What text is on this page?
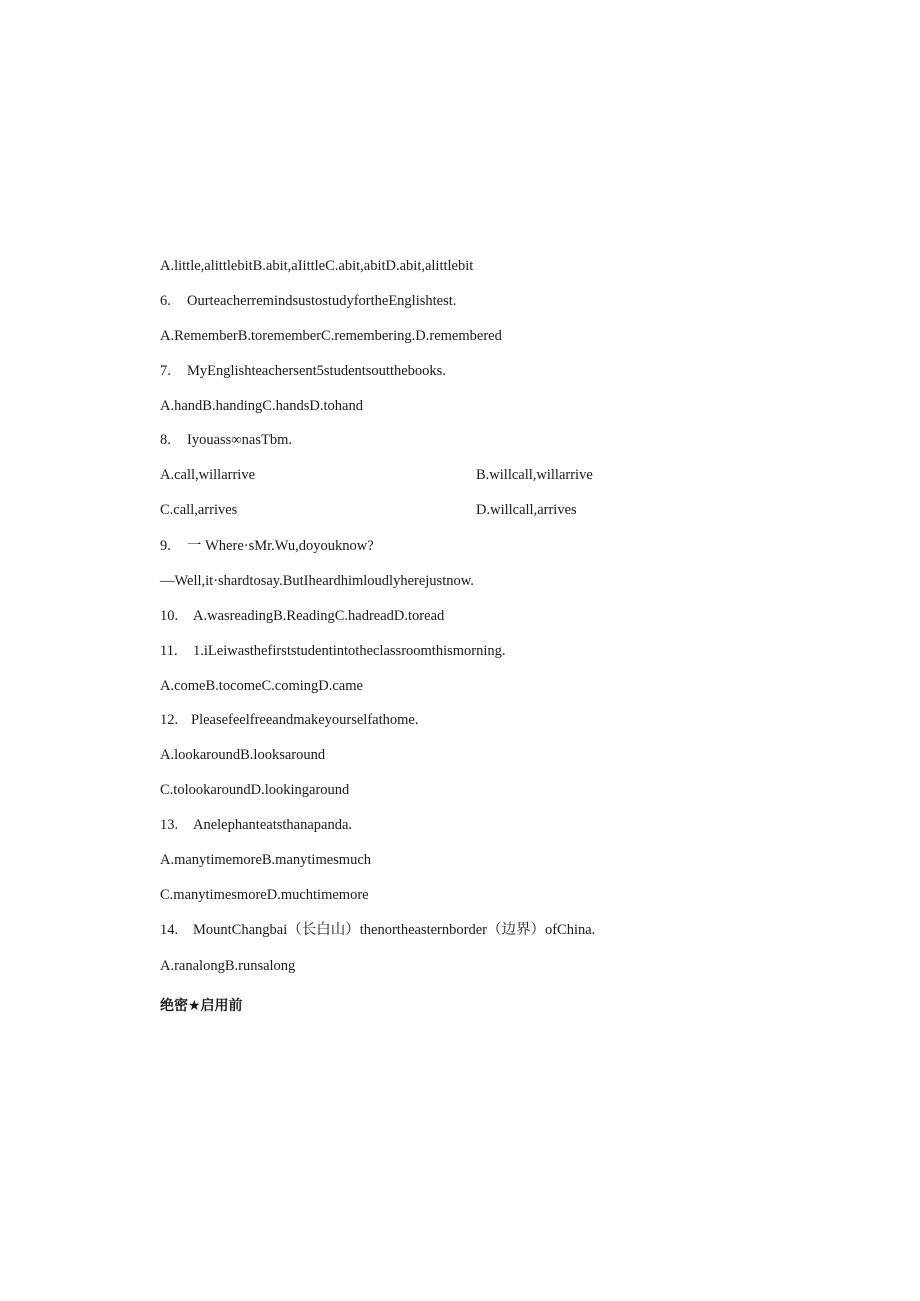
A.little,alittlebitB.abit,aIittleC.abit,abitD.abit,alittlebit
6. OurteacherremindsustostudyfortheEnglishtest.
A.RememberB.torememberC.remembering.D.remembered
7. MyEnglishteachersent5studentsoutthebooks.
A.handB.handingC.handsD.tohand
8. Iyouass∞nasTbm.
A.call,willarrive	B.willcall,willarrive
C.call,arrives	D.willcall,arrives
9. 一 Where·sMr.Wu,doyouknow?
—Well,it·shardtosay.ButIheardhimloudlyherejustnow.
10. A.wasreadingB.ReadingC.hadreadD.toread
11. 1.iLeiwasthefirststudentintotheclassroomthismorning.
A.comeB.tocomeC.comingD.came
12. Pleasefeelfreeandmakeyourselfathome.
A.lookaroundB.looksaround
C.tolookaroundD.lookingaround
13. Anelephanteatsthanapanda.
A.manytimemoreB.manytimesmuch
C.manytimesmoreD.muchtimemore
14. MountChangbai（长白山）thenortheasternborder（边界）ofChina.
A.ranalongB.runsalong
绝密★启用前
